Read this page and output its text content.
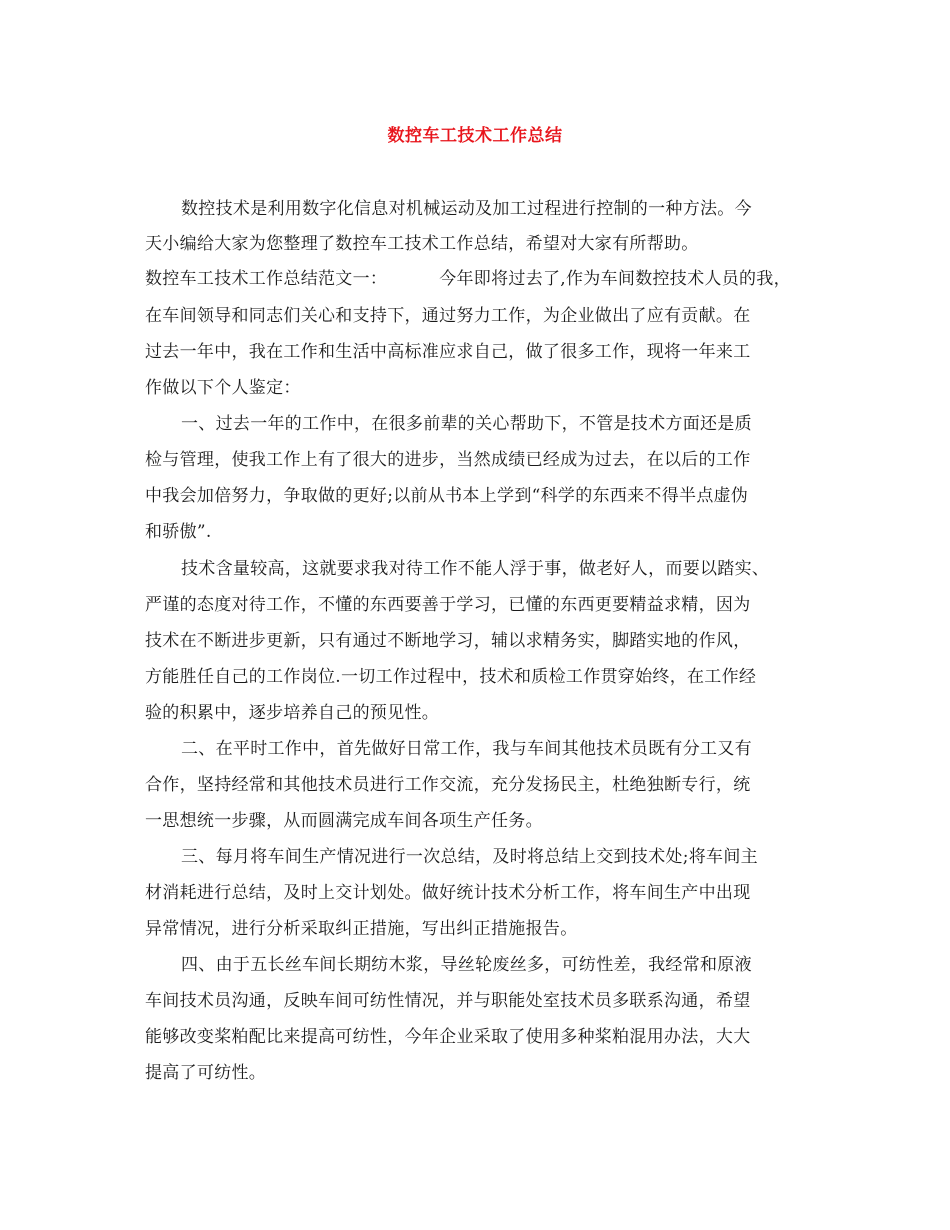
数控车工技术工作总结
数控技术是利用数字化信息对机械运动及加工过程进行控制的一种方法。今
天小编给大家为您整理了数控车工技术工作总结，希望对大家有所帮助。
数控车工技术工作总结范文一：	今年即将过去了,作为车间数控技术人员的我，
在车间领导和同志们关心和支持下，通过努力工作，为企业做出了应有贡献。在
过去一年中，我在工作和生活中高标准应求自己，做了很多工作，现将一年来工
作做以下个人鉴定：
一、过去一年的工作中，在很多前辈的关心帮助下，不管是技术方面还是质
检与管理，使我工作上有了很大的进步，当然成绩已经成为过去，在以后的工作
中我会加倍努力，争取做的更好;以前从书本上学到“科学的东西来不得半点虚伪
和骄傲”.
技术含量较高，这就要求我对待工作不能人浮于事，做老好人，而要以踏实、
严谨的态度对待工作，不懂的东西要善于学习，已懂的东西更要精益求精，因为
技术在不断进步更新，只有通过不断地学习，辅以求精务实，脚踏实地的作风，
方能胜任自己的工作岗位.一切工作过程中，技术和质检工作贯穿始终，在工作经
验的积累中，逐步培养自己的预见性。
二、在平时工作中，首先做好日常工作，我与车间其他技术员既有分工又有
合作，坚持经常和其他技术员进行工作交流，充分发扬民主，杜绝独断专行，统
一思想统一步骤，从而圆满完成车间各项生产任务。
三、每月将车间生产情况进行一次总结，及时将总结上交到技术处;将车间主
材消耗进行总结，及时上交计划处。做好统计技术分析工作，将车间生产中出现
异常情况，进行分析采取纠正措施，写出纠正措施报告。
四、由于五长丝车间长期纺木浆，导丝轮废丝多，可纺性差，我经常和原液
车间技术员沟通，反映车间可纺性情况，并与职能处室技术员多联系沟通，希望
能够改变桨粕配比来提高可纺性，今年企业采取了使用多种桨粕混用办法，大大
提高了可纺性。
